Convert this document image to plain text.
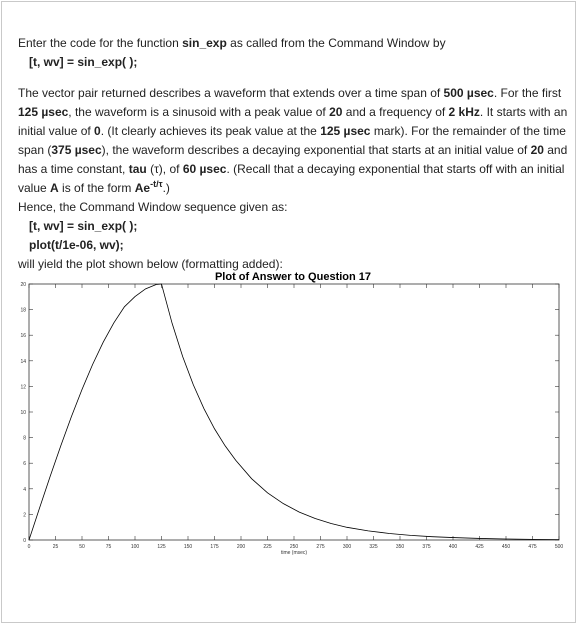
Enter the code for the function sin_exp as called from the Command Window by

[t, wv] = sin_exp( );

The vector pair returned describes a waveform that extends over a time span of 500 µsec. For the first 125 µsec, the waveform is a sinusoid with a peak value of 20 and a frequency of 2 kHz. It starts with an initial value of 0. (It clearly achieves its peak value at the 125 µsec mark). For the remainder of the time span (375 µsec), the waveform describes a decaying exponential that starts at an initial value of 20 and has a time constant, tau (τ), of 60 µsec. (Recall that a decaying exponential that starts off with an initial value A is of the form $Ae^{-t/\tau}$.)

Hence, the Command Window sequence given as:

[t, wv] = sin_exp( );

plot(t/1e-06, wv);

will yield the plot shown below (formatting added):

Plot of Answer to Question 17
0	25	50	75	100	125	150	175	200	225	250	275	300	325	350	375	400	425	450	475	500
0
2
4
6
8
10
12
14
16
18
20
time (msec)
